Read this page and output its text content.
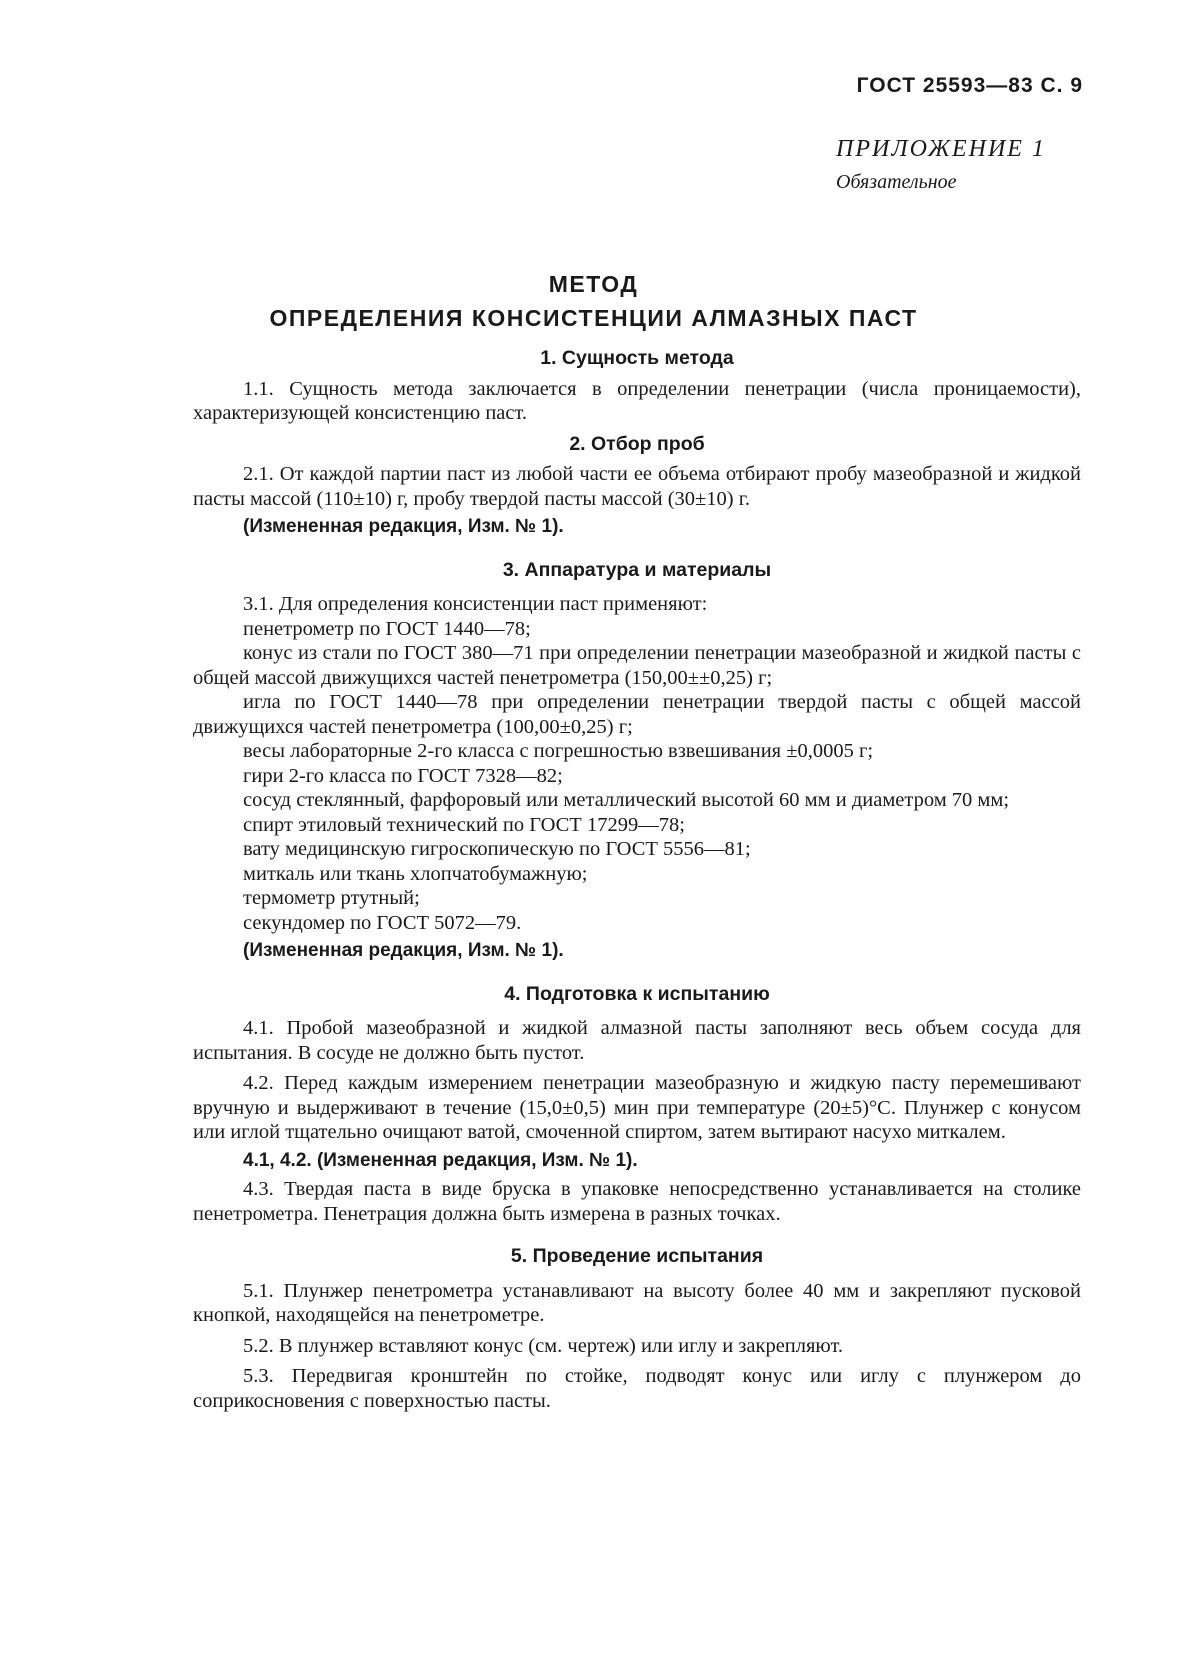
ГОСТ 25593—83 С. 9
ПРИЛОЖЕНИЕ 1
Обязательное
МЕТОД
ОПРЕДЕЛЕНИЯ КОНСИСТЕНЦИИ АЛМАЗНЫХ ПАСТ
1. Сущность метода

1.1. Сущность метода заключается в определении пенетрации (числа проницаемости), характеризующей консистенцию паст.

2. Отбор проб

2.1. От каждой партии паст из любой части ее объема отбирают пробу мазеобразной и жидкой пасты массой (110±10) г, пробу твердой пасты массой (30±10) г.

(Измененная редакция, Изм. № 1).

3. Аппаратура и материалы

3.1. Для определения консистенции паст применяют:

пенетрометр по ГОСТ 1440—78;

конус из стали по ГОСТ 380—71 при определении пенетрации мазеобразной и жидкой пасты с общей массой движущихся частей пенетрометра (150,00±±0,25) г;

игла по ГОСТ 1440—78 при определении пенетрации твердой пасты с общей массой движущихся частей пенетрометра (100,00±0,25) г;

весы лабораторные 2-го класса с погрешностью взвешивания ±0,0005 г;

гири 2-го класса по ГОСТ 7328—82;

сосуд стеклянный, фарфоровый или металлический высотой 60 мм и диаметром 70 мм;

спирт этиловый технический по ГОСТ 17299—78;

вату медицинскую гигроскопическую по ГОСТ 5556—81;

миткаль или ткань хлопчатобумажную;

термометр ртутный;

секундомер по ГОСТ 5072—79.

(Измененная редакция, Изм. № 1).

4. Подготовка к испытанию

4.1. Пробой мазеобразной и жидкой алмазной пасты заполняют весь объем сосуда для испытания. В сосуде не должно быть пустот.

4.2. Перед каждым измерением пенетрации мазеобразную и жидкую пасту перемешивают вручную и выдерживают в течение (15,0±0,5) мин при температуре (20±5)°С. Плунжер с конусом или иглой тщательно очищают ватой, смоченной спиртом, затем вытирают насухо миткалем.

4.1, 4.2. (Измененная редакция, Изм. № 1).

4.3. Твердая паста в виде бруска в упаковке непосредственно устанавливается на столике пенетрометра. Пенетрация должна быть измерена в разных точках.

5. Проведение испытания

5.1. Плунжер пенетрометра устанавливают на высоту более 40 мм и закрепляют пусковой кнопкой, находящейся на пенетрометре.

5.2. В плунжер вставляют конус (см. чертеж) или иглу и закрепляют.

5.3. Передвигая кронштейн по стойке, подводят конус или иглу с плунжером до соприкосновения с поверхностью пасты.
